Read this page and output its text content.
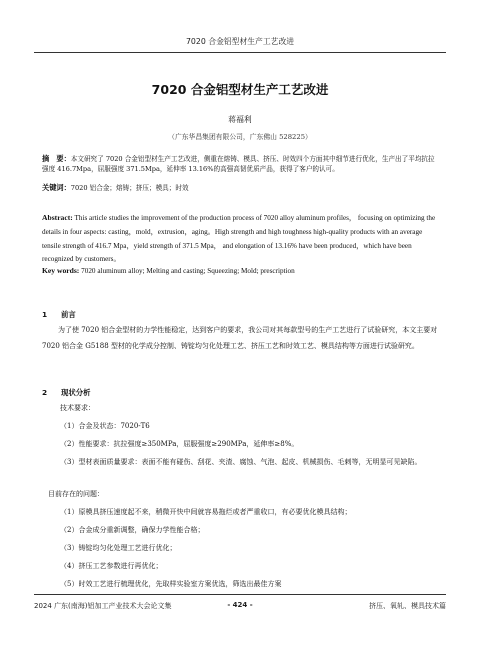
7020 合金铝型材生产工艺改进
7020 合金铝型材生产工艺改进
蒋福利
（广东华昌集团有限公司，广东佛山 528225）
摘　要：本文研究了 7020 合金铝型材生产工艺改进，侧重在熔铸、模具、挤压、时效四个方面其中细节进行优化，生产出了平均抗拉强度 416.7Mpa，屈服强度 371.5Mpa，延伸率 13.16%的高强高韧优质产品，获得了客户的认可。
关键词：7020 铝合金；熔铸；挤压；模具；时效
Abstract: This article studies the improvement of the production process of 7020 alloy aluminum profiles， focusing on optimizing the details in four aspects: casting，mold，extrusion，aging。High strength and high toughness high-quality products with an average tensile strength of 416.7 Mpa，yield strength of 371.5 Mpa， and elongation of 13.16% have been produced，which have been recognized by customers。
Key words: 7020 aluminum alloy; Melting and casting; Squeezing; Mold; prescription
1 前言
为了使 7020 铝合金型材的力学性能稳定，达到客户的要求，我公司对其每款型号的生产工艺进行了试验研究，本文主要对 7020 铝合金 G5188 型材的化学成分控制、铸锭均匀化处理工艺、挤压工艺和时效工艺、模具结构等方面进行试验研究。
2 现状分析
技术要求：
（1）合金及状态：7020-T6
（2）性能要求：抗拉强度≥350MPa，屈服强度≥290MPa，延伸率≥8%。
（3）型材表面质量要求：表面不能有碰伤、刮花、夹渣、腐蚀、气泡、起皮、机械损伤、毛刺等，无明显可见缺陷。
目前存在的问题：
（1）原模具挤压速度起不来，稍微开快中间就容易拖烂或者严重收口，有必要优化模具结构；
（2）合金成分重新调整，确保力学性能合格；
（3）铸锭均匀化处理工艺进行优化；
（4）挤压工艺参数进行再优化；
（5）时效工艺进行梳理优化，先取样实验室方案优选，筛选出最佳方案
2024 广东(南海)铝加工产业技术大会论文集	- 424 -	挤压、氧轧、模具技术篇
